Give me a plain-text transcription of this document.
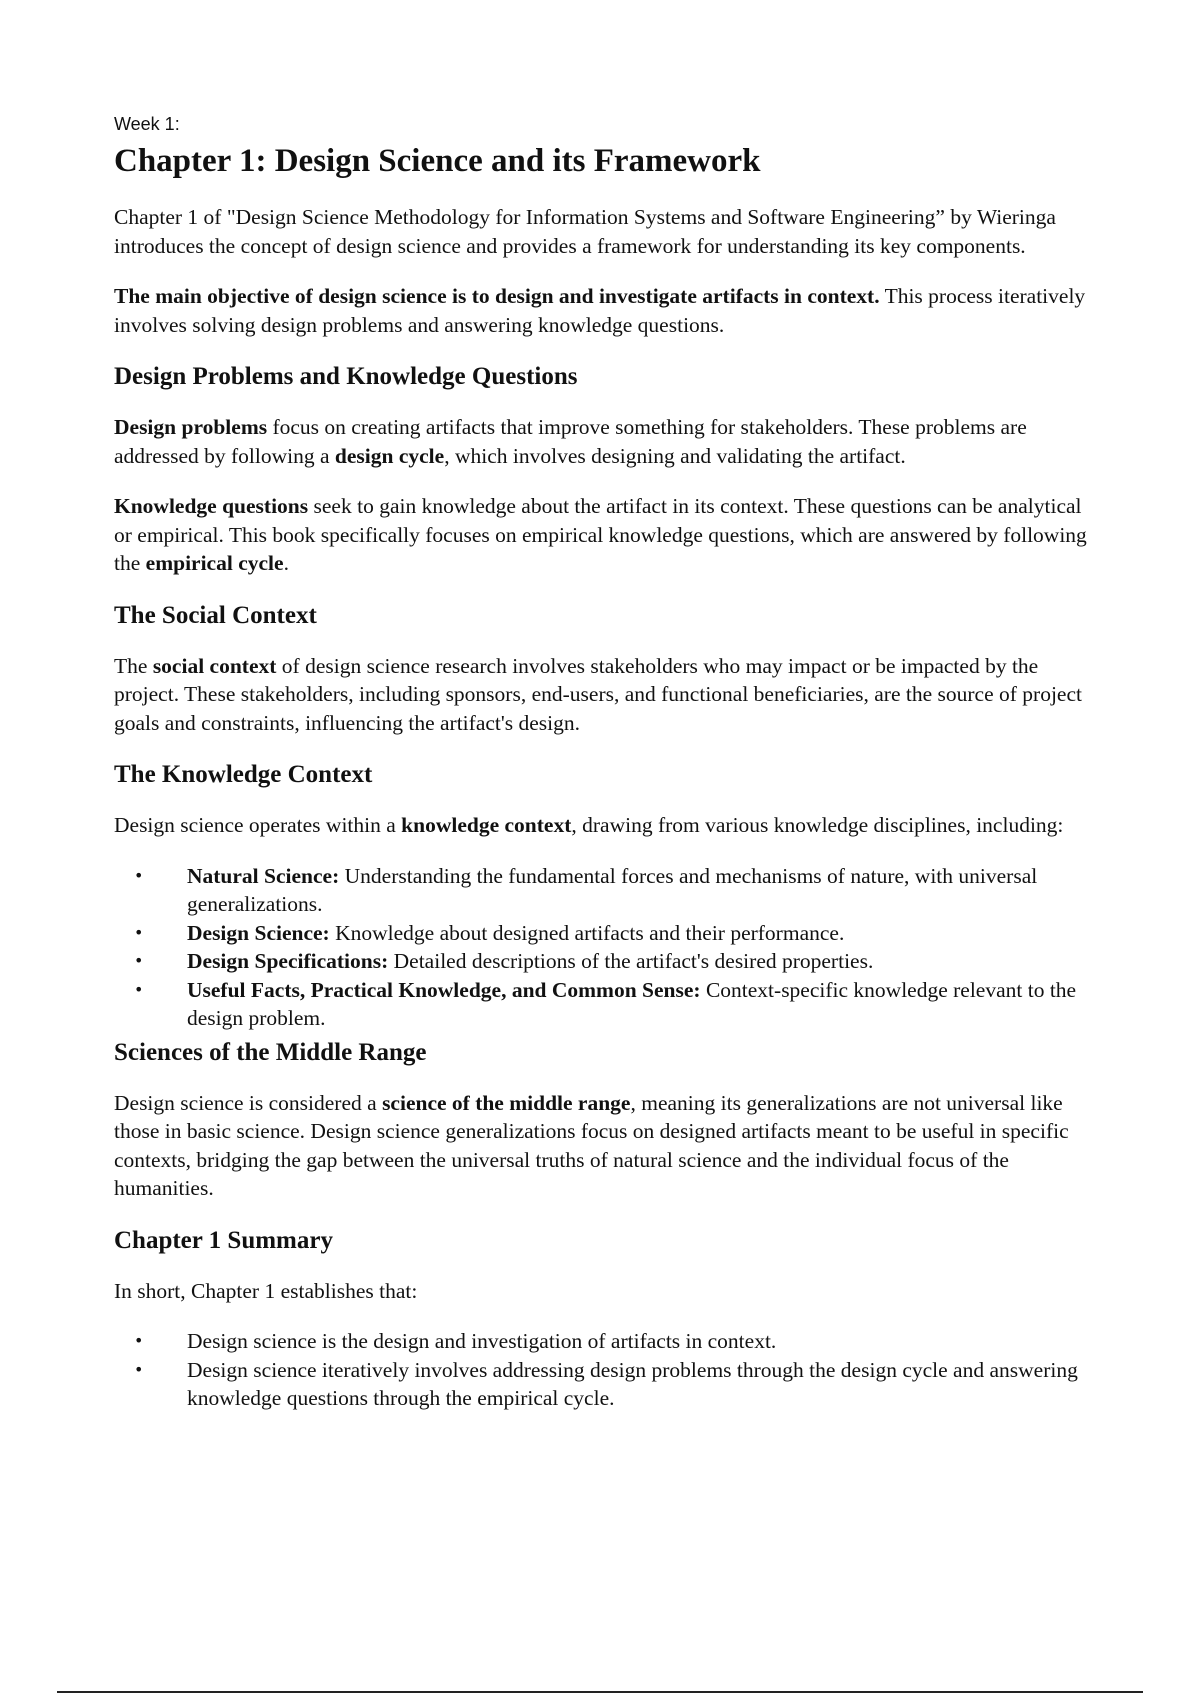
Week 1:
Chapter 1: Design Science and its Framework

Chapter 1 of "Design Science Methodology for Information Systems and Software Engineering” by Wieringa introduces the concept of design science and provides a framework for understanding its key components.

The main objective of design science is to design and investigate artifacts in context. This process iteratively involves solving design problems and answering knowledge questions.

Design Problems and Knowledge Questions

Design problems focus on creating artifacts that improve something for stakeholders. These problems are addressed by following a design cycle, which involves designing and validating the artifact.

Knowledge questions seek to gain knowledge about the artifact in its context. These questions can be analytical or empirical. This book specifically focuses on empirical knowledge questions, which are answered by following the empirical cycle.

The Social Context

The social context of design science research involves stakeholders who may impact or be impacted by the project. These stakeholders, including sponsors, end-users, and functional beneficiaries, are the source of project goals and constraints, influencing the artifact's design.

The Knowledge Context

Design science operates within a knowledge context, drawing from various knowledge disciplines, including:

• Natural Science: Understanding the fundamental forces and mechanisms of nature, with universal generalizations.
• Design Science: Knowledge about designed artifacts and their performance.
• Design Specifications: Detailed descriptions of the artifact's desired properties.
• Useful Facts, Practical Knowledge, and Common Sense: Context-specific knowledge relevant to the design problem.
Sciences of the Middle Range

Design science is considered a science of the middle range, meaning its generalizations are not universal like those in basic science. Design science generalizations focus on designed artifacts meant to be useful in specific contexts, bridging the gap between the universal truths of natural science and the individual focus of the humanities.

Chapter 1 Summary

In short, Chapter 1 establishes that:

• Design science is the design and investigation of artifacts in context.
• Design science iteratively involves addressing design problems through the design cycle and answering knowledge questions through the empirical cycle.
